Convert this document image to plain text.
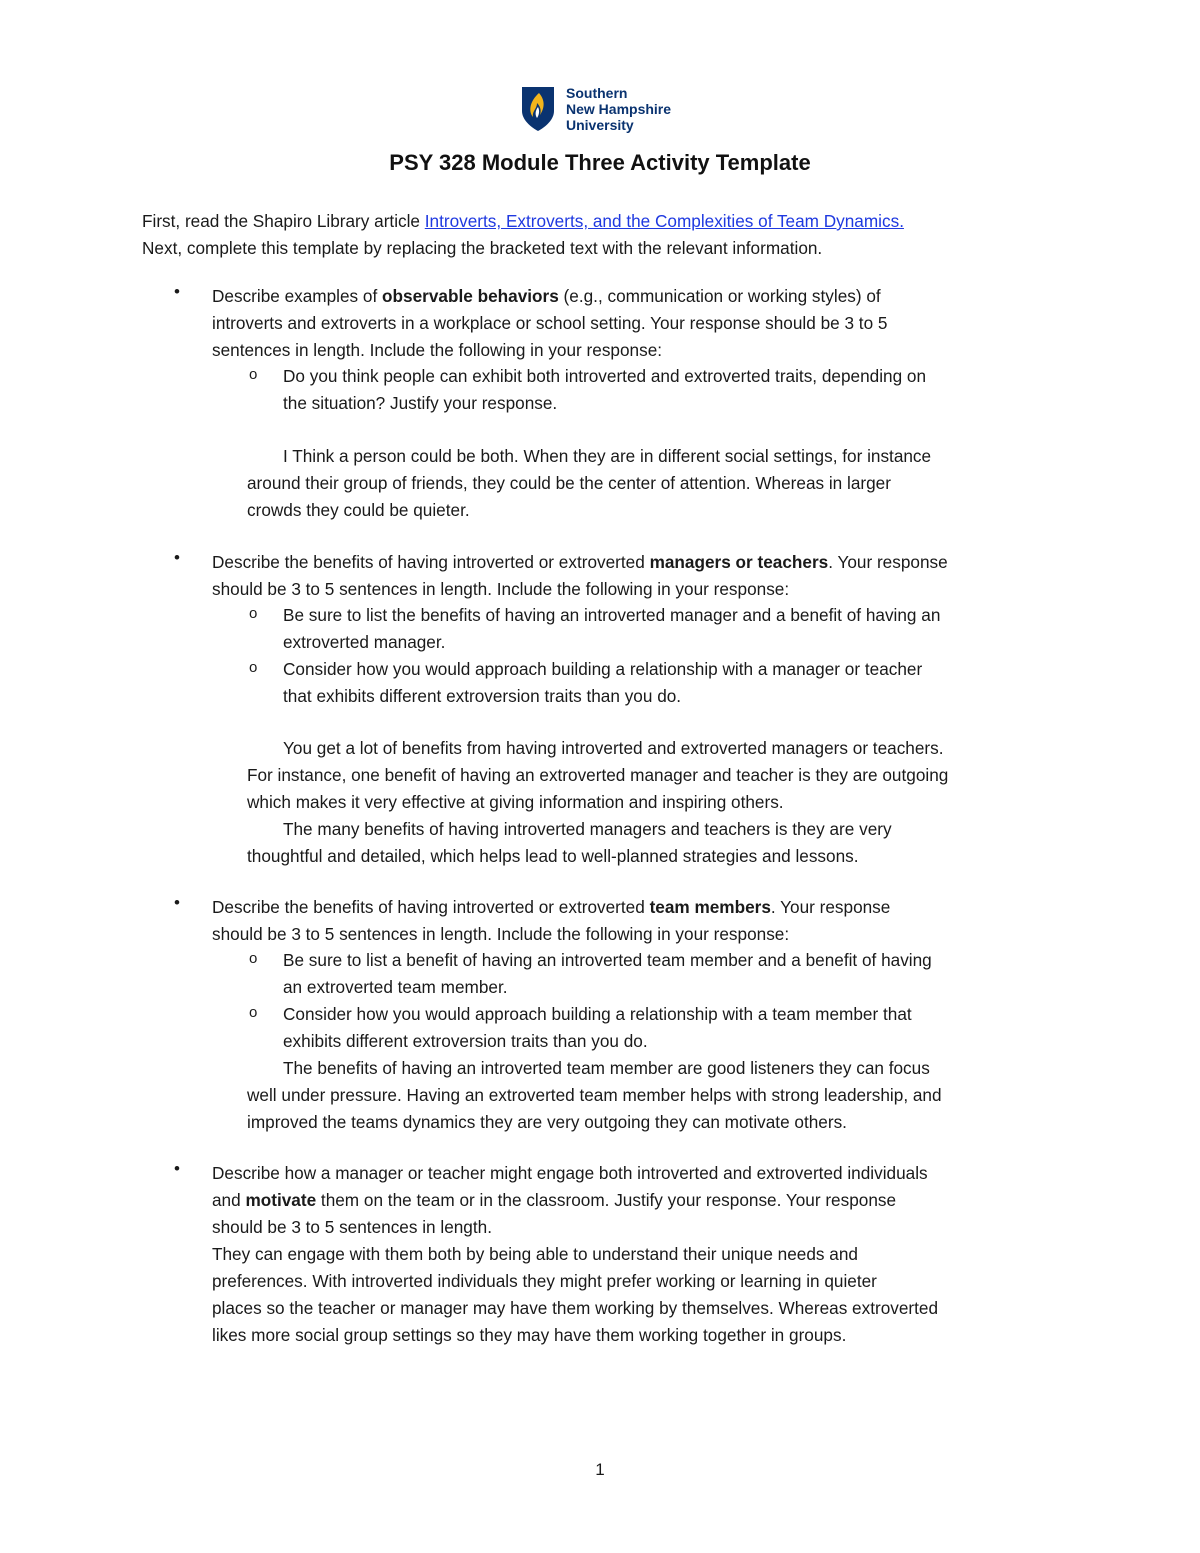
Southern
New Hampshire
University
PSY 328 Module Three Activity Template
First, read the Shapiro Library article Introverts, Extroverts, and the Complexities of Team Dynamics.
Next, complete this template by replacing the bracketed text with the relevant information.
• Describe examples of observable behaviors (e.g., communication or working styles) of
introverts and extroverts in a workplace or school setting. Your response should be 3 to 5
sentences in length. Include the following in your response:
o Do you think people can exhibit both introverted and extroverted traits, depending on
the situation? Justify your response.
I Think a person could be both. When they are in different social settings, for instance
around their group of friends, they could be the center of attention. Whereas in larger
crowds they could be quieter.
• Describe the benefits of having introverted or extroverted managers or teachers. Your response
should be 3 to 5 sentences in length. Include the following in your response:
o Be sure to list the benefits of having an introverted manager and a benefit of having an
extroverted manager.
o Consider how you would approach building a relationship with a manager or teacher
that exhibits different extroversion traits than you do.
You get a lot of benefits from having introverted and extroverted managers or teachers.
For instance, one benefit of having an extroverted manager and teacher is they are outgoing
which makes it very effective at giving information and inspiring others.
The many benefits of having introverted managers and teachers is they are very
thoughtful and detailed, which helps lead to well-planned strategies and lessons.
• Describe the benefits of having introverted or extroverted team members. Your response
should be 3 to 5 sentences in length. Include the following in your response:
o Be sure to list a benefit of having an introverted team member and a benefit of having
an extroverted team member.
o Consider how you would approach building a relationship with a team member that
exhibits different extroversion traits than you do.
The benefits of having an introverted team member are good listeners they can focus
well under pressure. Having an extroverted team member helps with strong leadership, and
improved the teams dynamics they are very outgoing they can motivate others.
• Describe how a manager or teacher might engage both introverted and extroverted individuals
and motivate them on the team or in the classroom. Justify your response. Your response
should be 3 to 5 sentences in length.
They can engage with them both by being able to understand their unique needs and
preferences. With introverted individuals they might prefer working or learning in quieter
places so the teacher or manager may have them working by themselves. Whereas extroverted
likes more social group settings so they may have them working together in groups.
1
